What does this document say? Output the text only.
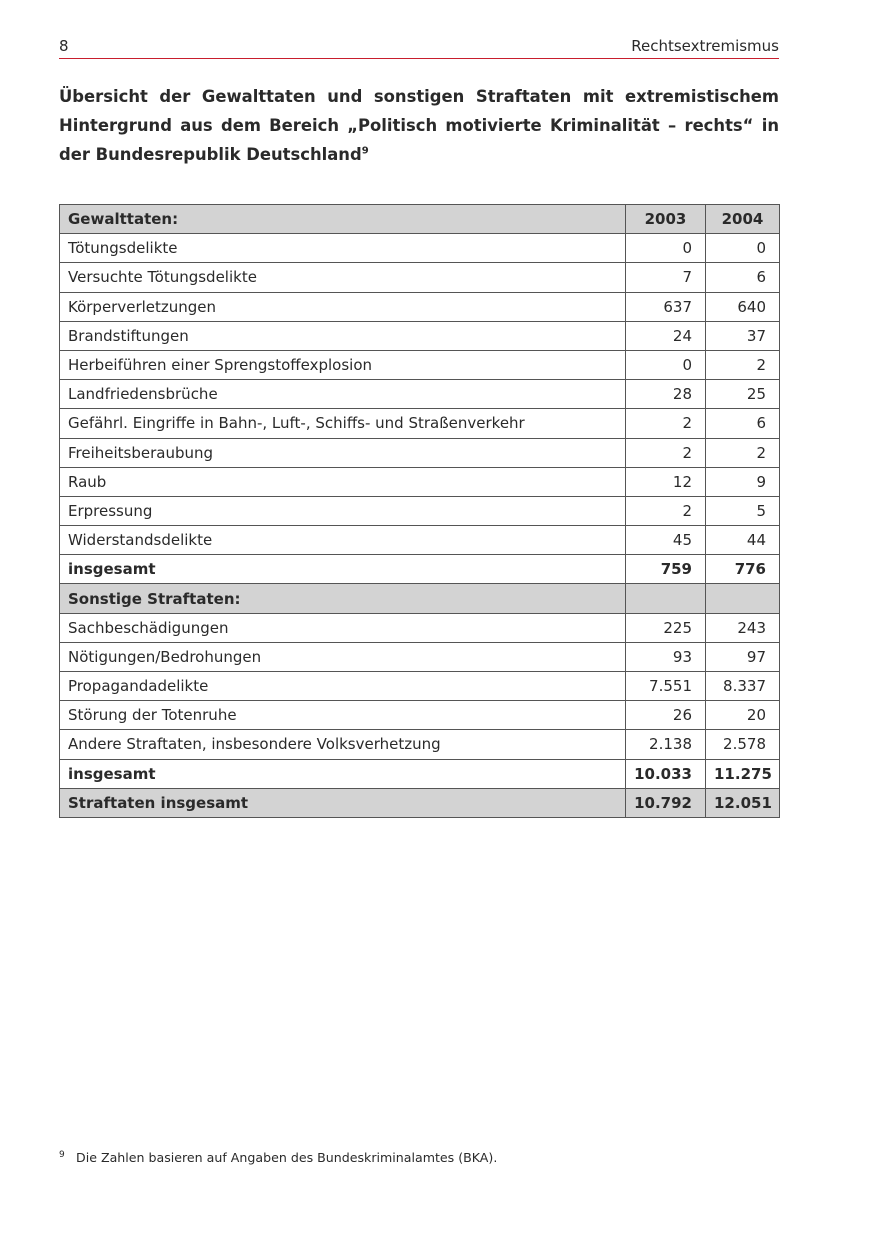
8	Rechtsextremismus
Übersicht der Gewalttaten und sonstigen Straftaten mit extremistischem Hintergrund aus dem Bereich „Politisch motivierte Kriminalität – rechts“ in der Bundesrepublik Deutschland$^9$
Gewalttaten:	2003	2004
Tötungsdelikte	0	0
Versuchte Tötungsdelikte	7	6
Körperverletzungen	637	640
Brandstiftungen	24	37
Herbeiführen einer Sprengstoffexplosion	0	2
Landfriedensbrüche	28	25
Gefährl. Eingriffe in Bahn-, Luft-, Schiffs- und Straßenverkehr	2	6
Freiheitsberaubung	2	2
Raub	12	9
Erpressung	2	5
Widerstandsdelikte	45	44
insgesamt	759	776
Sonstige Straftaten:		
Sachbeschädigungen	225	243
Nötigungen/Bedrohungen	93	97
Propagandadelikte	7.551	8.337
Störung der Totenruhe	26	20
Andere Straftaten, insbesondere Volksverhetzung	2.138	2.578
insgesamt	10.033	11.275
Straftaten insgesamt	10.792	12.051
9 Die Zahlen basieren auf Angaben des Bundeskriminalamtes (BKA).
